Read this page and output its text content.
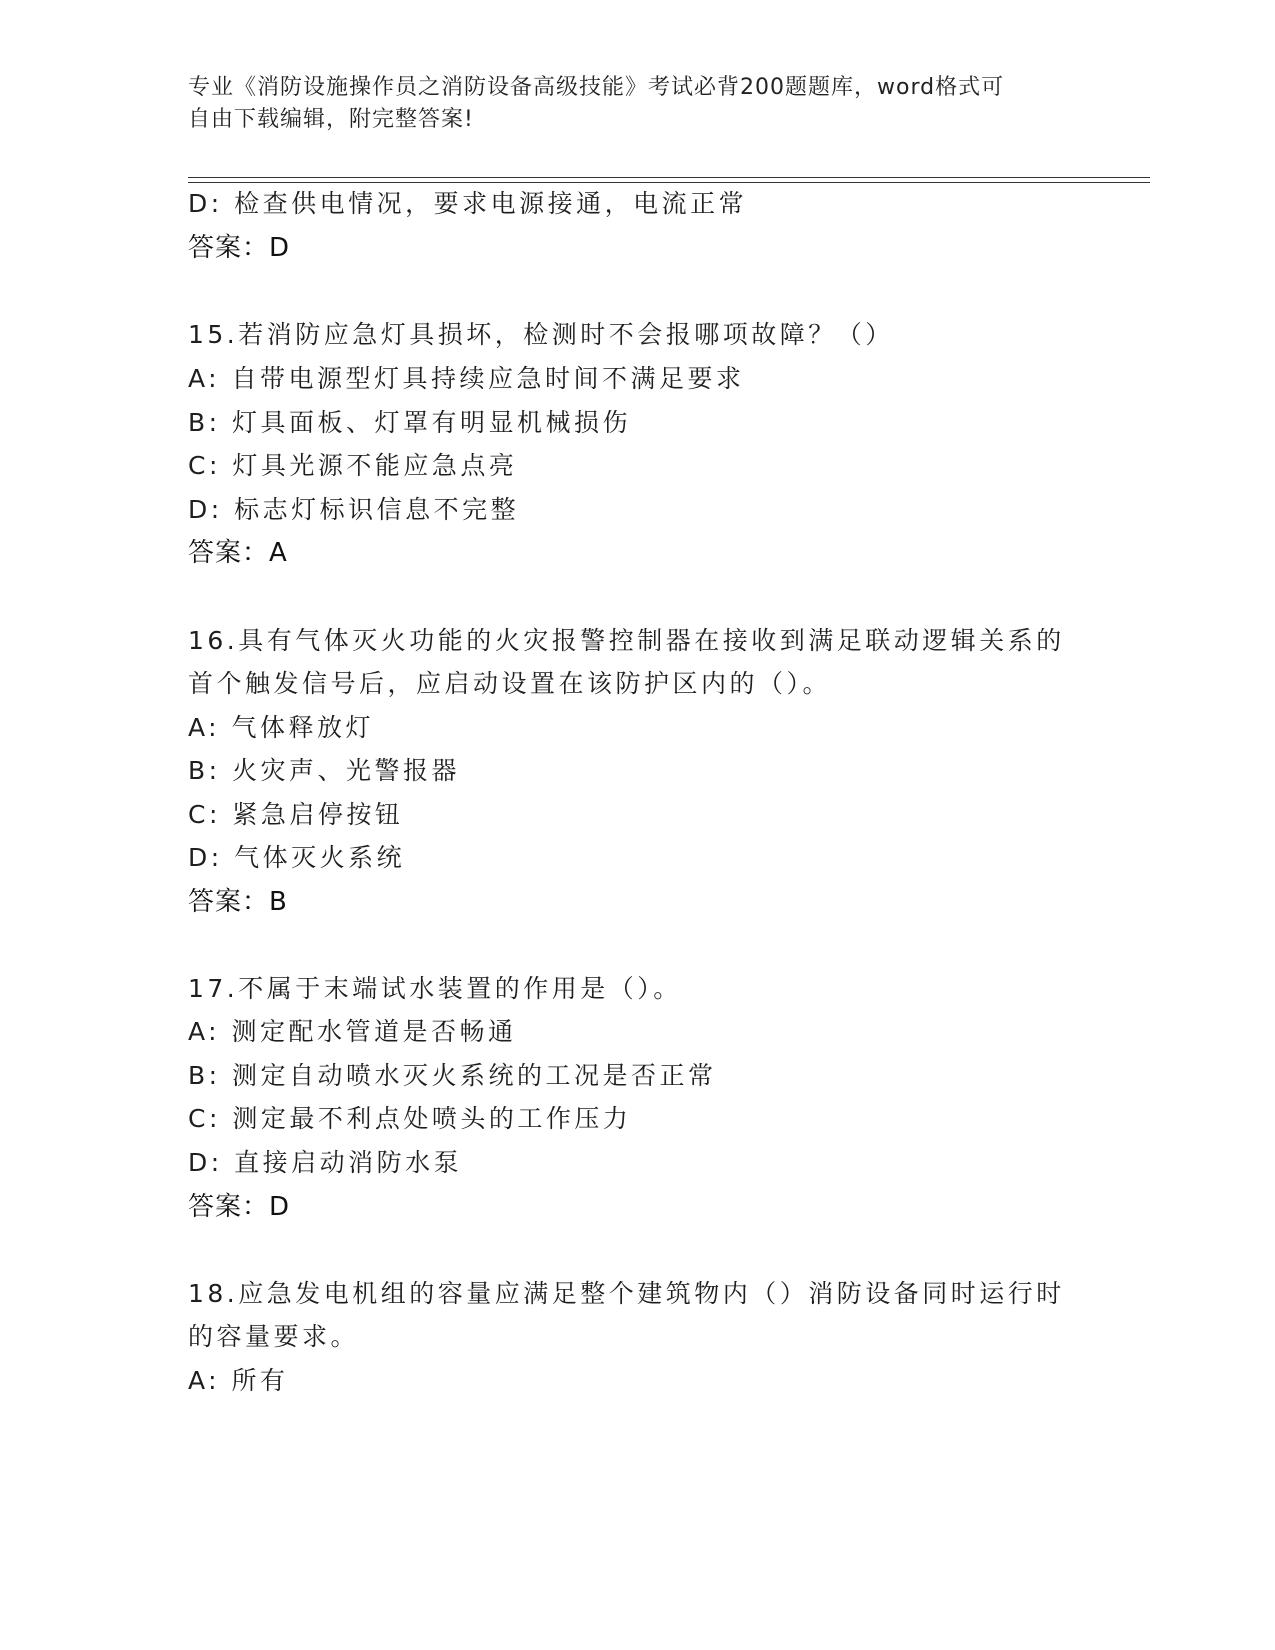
专业《消防设施操作员之消防设备高级技能》考试必背200题题库，word格式可
自由下载编辑，附完整答案!
D: 检查供电情况，要求电源接通，电流正常
答案：D
15.若消防应急灯具损坏，检测时不会报哪项故障？（）
A: 自带电源型灯具持续应急时间不满足要求
B: 灯具面板、灯罩有明显机械损伤
C: 灯具光源不能应急点亮
D: 标志灯标识信息不完整
答案：A
16.具有气体灭火功能的火灾报警控制器在接收到满足联动逻辑关系的
首个触发信号后，应启动设置在该防护区内的（）。
A: 气体释放灯
B: 火灾声、光警报器
C: 紧急启停按钮
D: 气体灭火系统
答案：B
17.不属于末端试水装置的作用是（）。
A: 测定配水管道是否畅通
B: 测定自动喷水灭火系统的工况是否正常
C: 测定最不利点处喷头的工作压力
D: 直接启动消防水泵
答案：D
18.应急发电机组的容量应满足整个建筑物内（）消防设备同时运行时
的容量要求。
A: 所有
